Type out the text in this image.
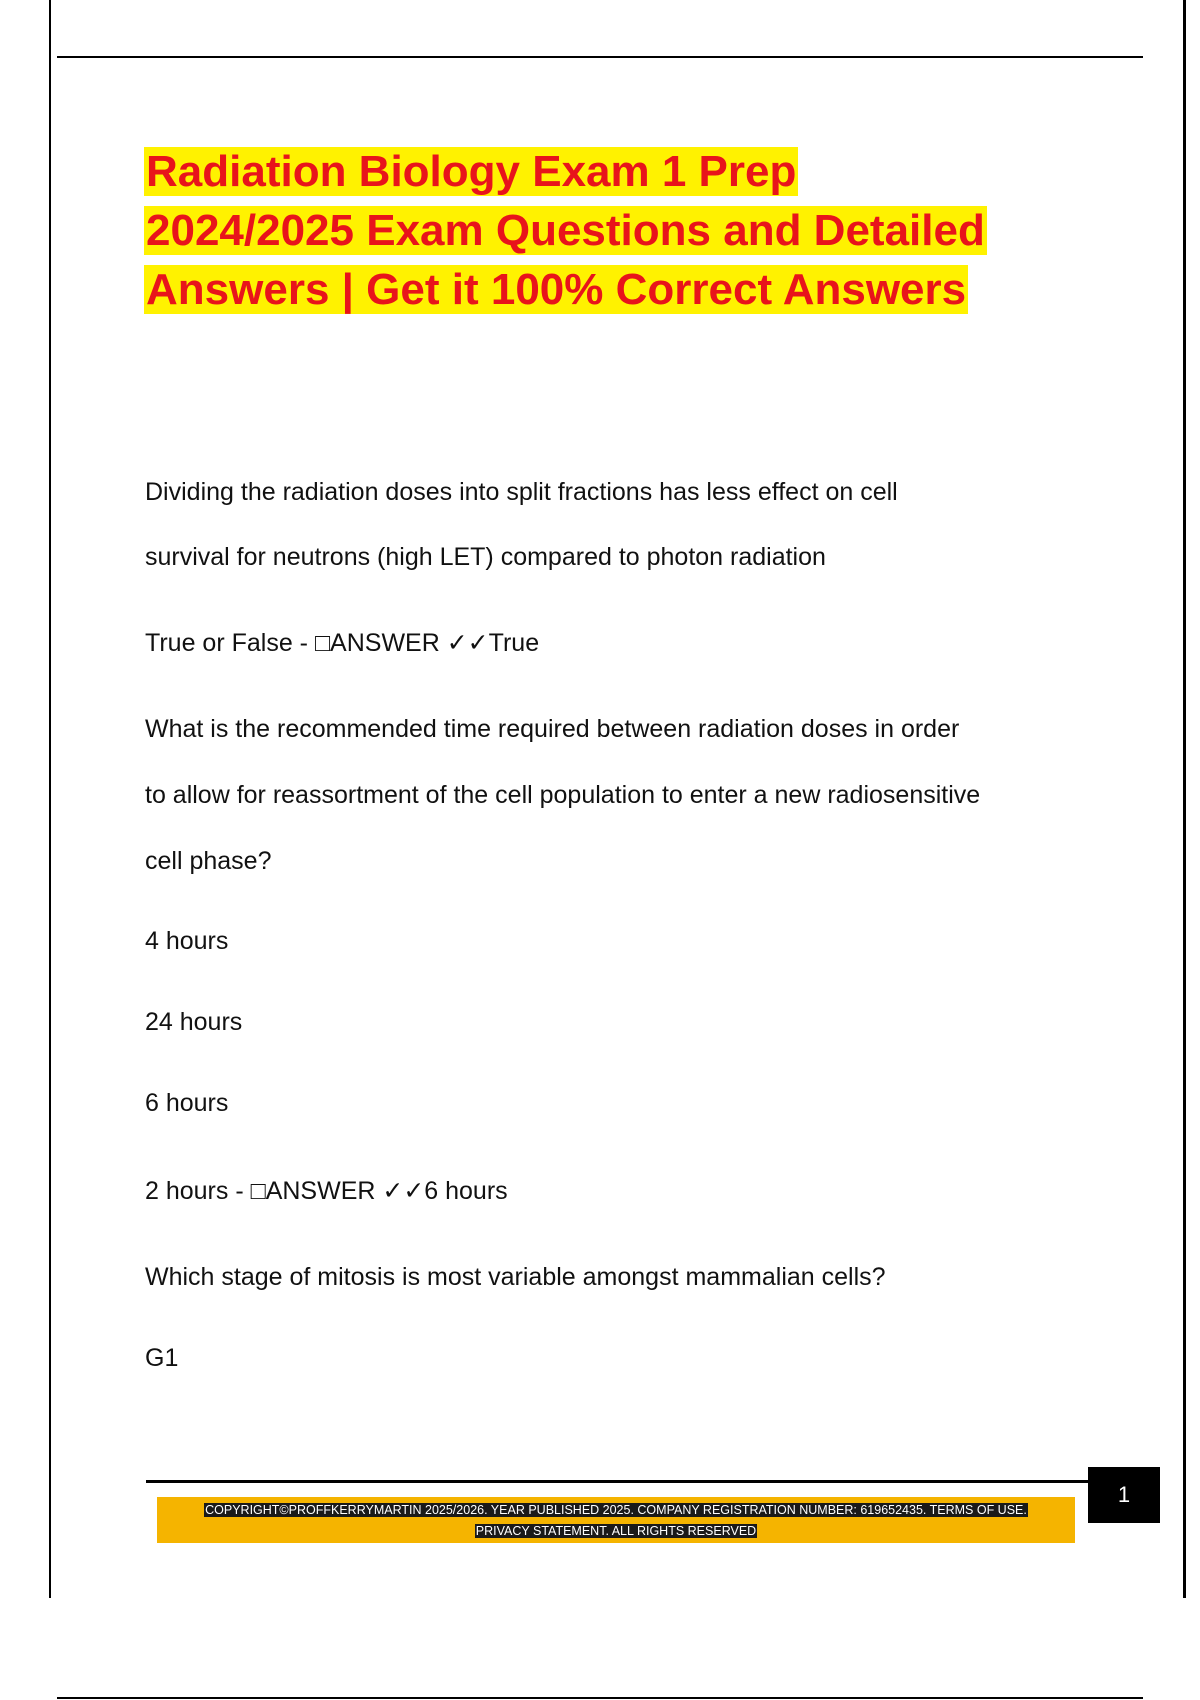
Radiation Biology Exam 1 Prep
2024/2025 Exam Questions and Detailed
Answers | Get it 100% Correct Answers

Dividing the radiation doses into split fractions has less effect on cell

survival for neutrons (high LET) compared to photon radiation

True or False - □ANSWER ✓✓True

What is the recommended time required between radiation doses in order

to allow for reassortment of the cell population to enter a new radiosensitive

cell phase?

4 hours

24 hours

6 hours

2 hours - □ANSWER ✓✓6 hours

Which stage of mitosis is most variable amongst mammalian cells?

G1

COPYRIGHT©PROFFKERRYMARTIN 2025/2026. YEAR PUBLISHED 2025. COMPANY REGISTRATION NUMBER: 619652435. TERMS OF USE.
PRIVACY STATEMENT. ALL RIGHTS RESERVED
1
